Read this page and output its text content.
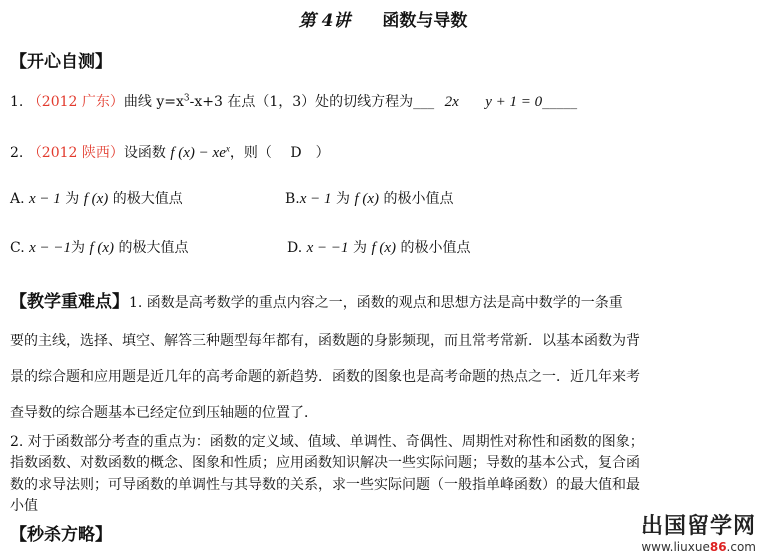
第 4讲 函数与导数
【开心自测】
1. （2012 广东）曲线 $y=x^3-x+3$ 在点（1，3）处的切线方程为___ 2x y + 1 = 0_____
2. （2012 陕西）设函数 f $(x) - xe^x$，则（ D ）
A. x − 1 为 f (x) 的极大值点	B.x − 1 为 f (x) 的极小值点
C. x − −1为 f (x) 的极大值点	D. x − −1 为 f (x) 的极小值点
【教学重难点】1. 函数是高考数学的重点内容之一，函数的观点和思想方法是高中数学的一条重
要的主线，选择、填空、解答三种题型每年都有，函数题的身影频现，而且常考常新．以基本函数为背
景的综合题和应用题是近几年的高考命题的新趋势．函数的图象也是高考命题的热点之一．近几年来考
查导数的综合题基本已经定位到压轴题的位置了．
2. 对于函数部分考查的重点为：函数的定义域、值域、单调性、奇偶性、周期性对称性和函数的图象；
指数函数、对数函数的概念、图象和性质；应用函数知识解决一些实际问题；导数的基本公式，复合函
数的求导法则；可导函数的单调性与其导数的关系，求一些实际问题（一般指单峰函数）的最大值和最
小值
【秒杀方略】	出国留学网
www.liuxue86.com
